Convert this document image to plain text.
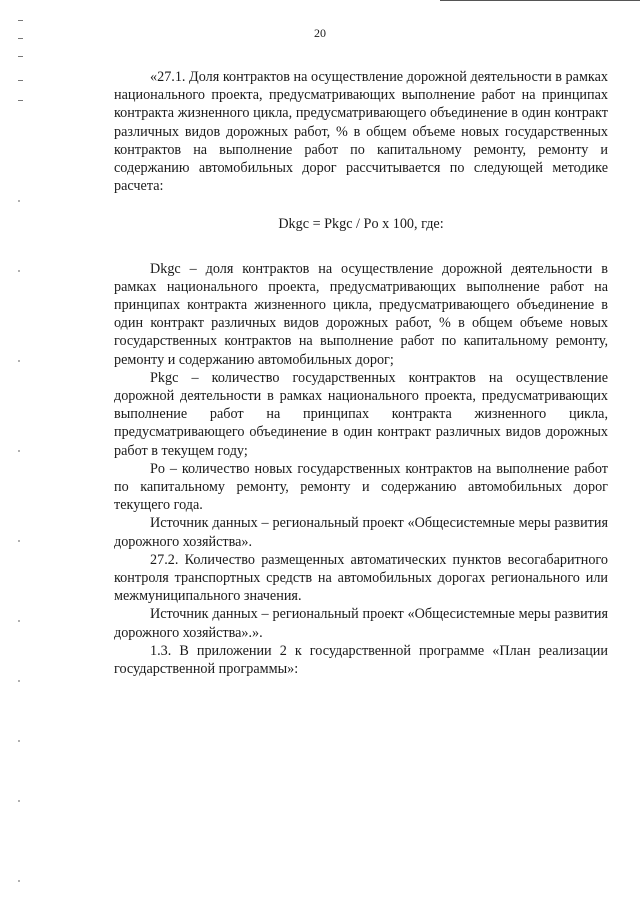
20

«27.1. Доля контрактов на осуществление дорожной деятельности в рамках национального проекта, предусматривающих выполнение работ на принципах контракта жизненного цикла, предусматривающего объединение в один контракт различных видов дорожных работ, % в общем объеме новых государственных контрактов на выполнение работ по капитальному ремонту, ремонту и содержанию автомобильных дорог рассчитывается по следующей методике расчета:

Dkgc = Pkgc / Po x 100, где:

Dkgc – доля контрактов на осуществление дорожной деятельности в рамках национального проекта, предусматривающих выполнение работ на принципах контракта жизненного цикла, предусматривающего объединение в один контракт различных видов дорожных работ, % в общем объеме новых государственных контрактов на выполнение работ по капитальному ремонту, ремонту и содержанию автомобильных дорог;

Pkgc – количество государственных контрактов на осуществление дорожной деятельности в рамках национального проекта, предусматривающих выполнение работ на принципах контракта жизненного цикла, предусматривающего объединение в один контракт различных видов дорожных работ в текущем году;

Po – количество новых государственных контрактов на выполнение работ по капитальному ремонту, ремонту и содержанию автомобильных дорог текущего года.

Источник данных – региональный проект «Общесистемные меры развития дорожного хозяйства».

27.2. Количество размещенных автоматических пунктов весогабаритного контроля транспортных средств на автомобильных дорогах регионального или межмуниципального значения.

Источник данных – региональный проект «Общесистемные меры развития дорожного хозяйства».».

1.3. В приложении 2 к государственной программе «План реализации государственной программы»:
